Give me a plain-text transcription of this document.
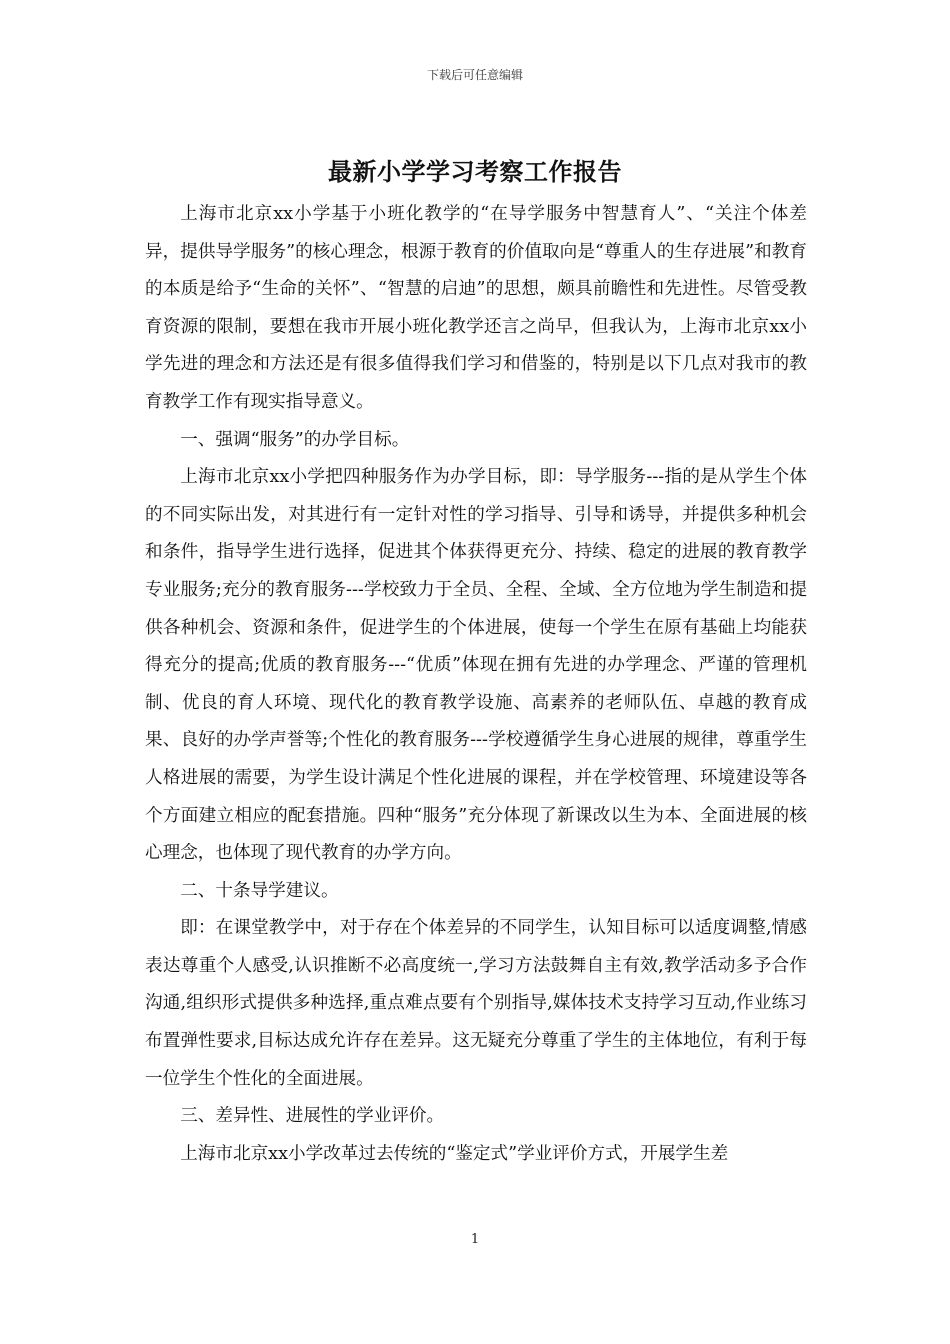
下载后可任意编辑
最新小学学习考察工作报告

上海市北京xx小学基于小班化教学的“在导学服务中智慧育人”、“关注个体差异，提供导学服务”的核心理念，根源于教育的价值取向是“尊重人的生存进展”和教育的本质是给予“生命的关怀”、“智慧的启迪”的思想，颇具前瞻性和先进性。尽管受教育资源的限制，要想在我市开展小班化教学还言之尚早，但我认为，上海市北京xx小学先进的理念和方法还是有很多值得我们学习和借鉴的，特别是以下几点对我市的教育教学工作有现实指导意义。

一、强调“服务”的办学目标。

上海市北京xx小学把四种服务作为办学目标，即：导学服务---指的是从学生个体的不同实际出发，对其进行有一定针对性的学习指导、引导和诱导，并提供多种机会和条件，指导学生进行选择，促进其个体获得更充分、持续、稳定的进展的教育教学专业服务;充分的教育服务---学校致力于全员、全程、全域、全方位地为学生制造和提供各种机会、资源和条件，促进学生的个体进展，使每一个学生在原有基础上均能获得充分的提高;优质的教育服务---“优质”体现在拥有先进的办学理念、严谨的管理机制、优良的育人环境、现代化的教育教学设施、高素养的老师队伍、卓越的教育成果、良好的办学声誉等;个性化的教育服务---学校遵循学生身心进展的规律，尊重学生人格进展的需要，为学生设计满足个性化进展的课程，并在学校管理、环境建设等各个方面建立相应的配套措施。四种“服务”充分体现了新课改以生为本、全面进展的核心理念，也体现了现代教育的办学方向。

二、十条导学建议。

即：在课堂教学中，对于存在个体差异的不同学生，认知目标可以适度调整,情感表达尊重个人感受,认识推断不必高度统一,学习方法鼓舞自主有效,教学活动多予合作沟通,组织形式提供多种选择,重点难点要有个别指导,媒体技术支持学习互动,作业练习布置弹性要求,目标达成允许存在差异。这无疑充分尊重了学生的主体地位，有利于每一位学生个性化的全面进展。

三、差异性、进展性的学业评价。

上海市北京xx小学改革过去传统的“鉴定式”学业评价方式，开展学生差

1
